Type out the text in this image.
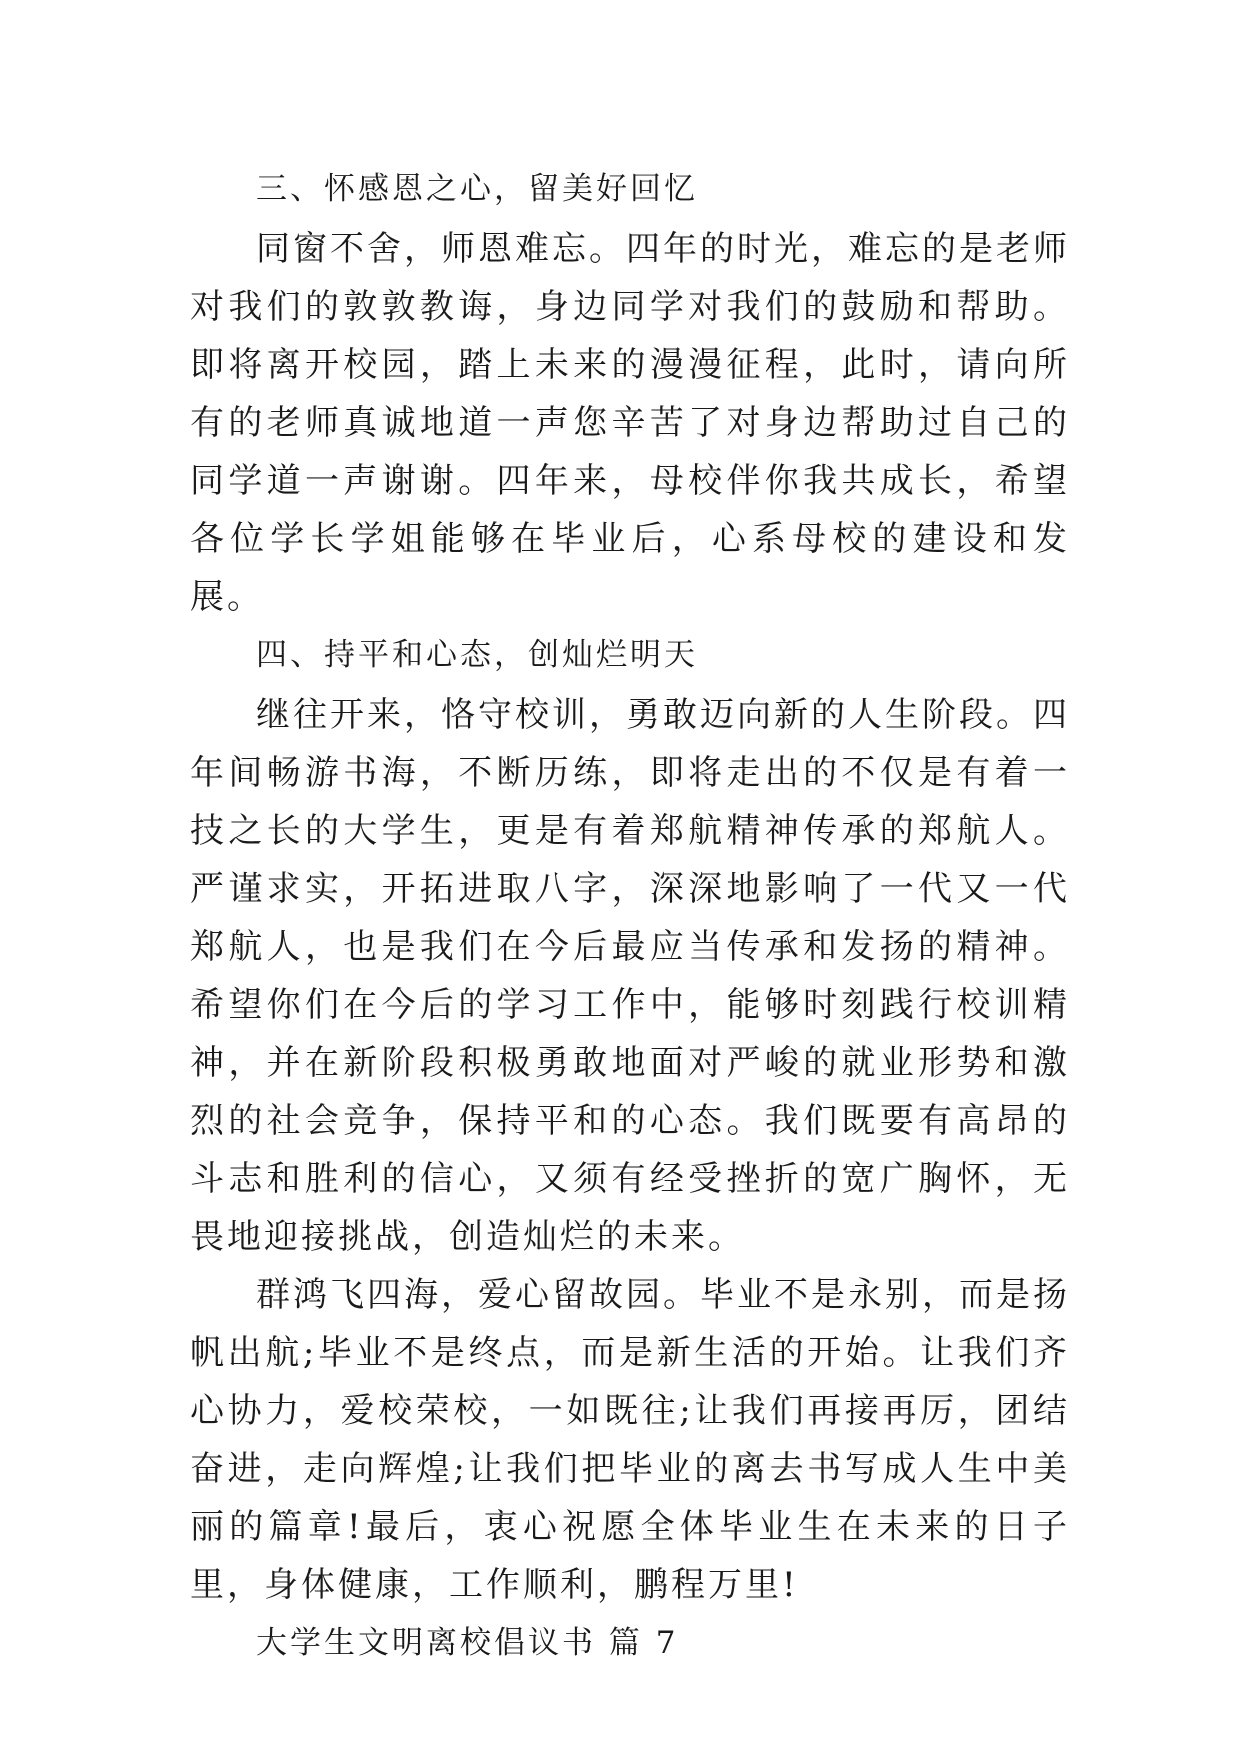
三、怀感恩之心，留美好回忆

同窗不舍，师恩难忘。四年的时光，难忘的是老师对我们的敦敦教诲，身边同学对我们的鼓励和帮助。即将离开校园，踏上未来的漫漫征程，此时，请向所有的老师真诚地道一声您辛苦了对身边帮助过自己的同学道一声谢谢。四年来，母校伴你我共成长，希望各位学长学姐能够在毕业后，心系母校的建设和发展。

四、持平和心态，创灿烂明天

继往开来，恪守校训，勇敢迈向新的人生阶段。四年间畅游书海，不断历练，即将走出的不仅是有着一技之长的大学生，更是有着郑航精神传承的郑航人。严谨求实，开拓进取八字，深深地影响了一代又一代郑航人，也是我们在今后最应当传承和发扬的精神。希望你们在今后的学习工作中，能够时刻践行校训精神，并在新阶段积极勇敢地面对严峻的就业形势和激烈的社会竞争，保持平和的心态。我们既要有高昂的斗志和胜利的信心，又须有经受挫折的宽广胸怀，无畏地迎接挑战，创造灿烂的未来。

群鸿飞四海，爱心留故园。毕业不是永别，而是扬帆出航;毕业不是终点，而是新生活的开始。让我们齐心协力，爱校荣校，一如既往;让我们再接再厉，团结奋进，走向辉煌;让我们把毕业的离去书写成人生中美丽的篇章!最后，衷心祝愿全体毕业生在未来的日子里，身体健康，工作顺利，鹏程万里!

大学生文明离校倡议书 篇 7
